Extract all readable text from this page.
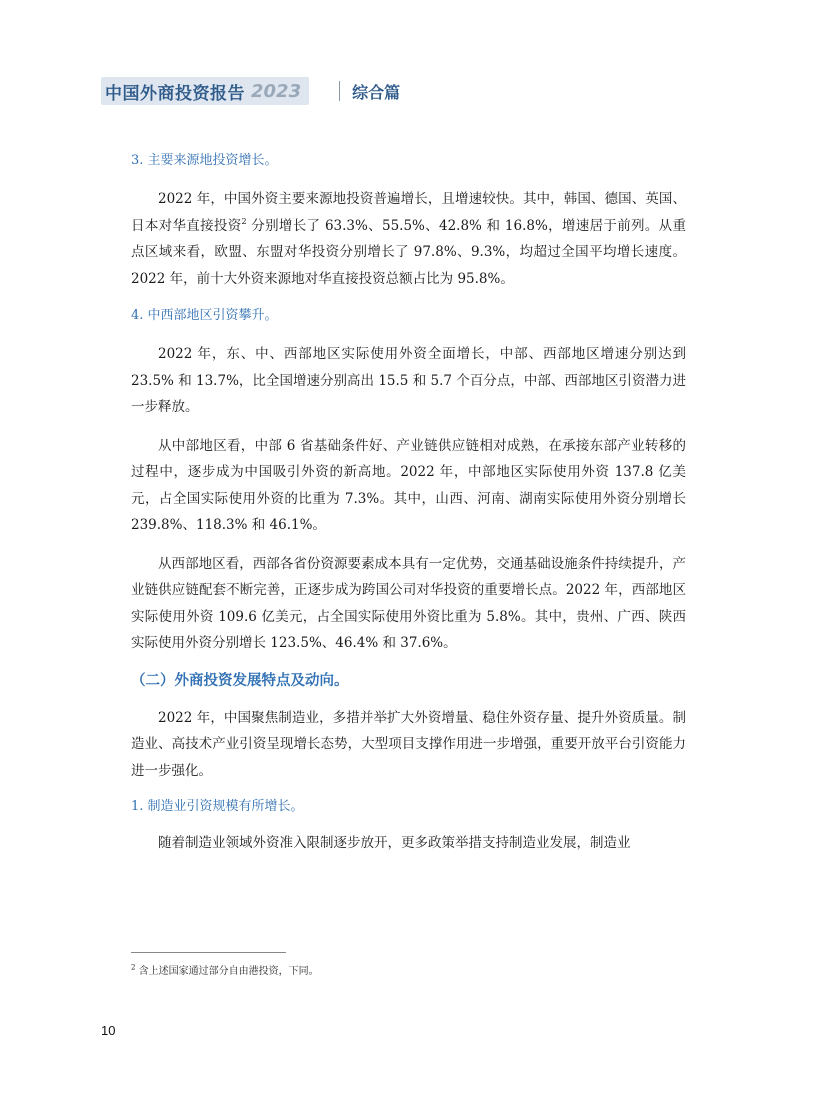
中国外商投资报告 2023	综合篇
3. 主要来源地投资增长。

2022 年，中国外资主要来源地投资普遍增长，且增速较快。其中，韩国、德国、英国、日本对华直接投资$^2$ 分别增长了 63.3%、55.5%、42.8% 和 16.8%，增速居于前列。从重点区域来看，欧盟、东盟对华投资分别增长了 97.8%、9.3%，均超过全国平均增长速度。2022 年，前十大外资来源地对华直接投资总额占比为 95.8%。

4. 中西部地区引资攀升。

2022 年，东、中、西部地区实际使用外资全面增长，中部、西部地区增速分别达到 23.5% 和 13.7%，比全国增速分别高出 15.5 和 5.7 个百分点，中部、西部地区引资潜力进一步释放。

从中部地区看，中部 6 省基础条件好、产业链供应链相对成熟，在承接东部产业转移的过程中，逐步成为中国吸引外资的新高地。2022 年，中部地区实际使用外资 137.8 亿美元，占全国实际使用外资的比重为 7.3%。其中，山西、河南、湖南实际使用外资分别增长 239.8%、118.3% 和 46.1%。

从西部地区看，西部各省份资源要素成本具有一定优势，交通基础设施条件持续提升，产业链供应链配套不断完善，正逐步成为跨国公司对华投资的重要增长点。2022 年，西部地区实际使用外资 109.6 亿美元，占全国实际使用外资比重为 5.8%。其中，贵州、广西、陕西实际使用外资分别增长 123.5%、46.4% 和 37.6%。

（二）外商投资发展特点及动向。

2022 年，中国聚焦制造业，多措并举扩大外资增量、稳住外资存量、提升外资质量。制造业、高技术产业引资呈现增长态势，大型项目支撑作用进一步增强，重要开放平台引资能力进一步强化。

1. 制造业引资规模有所增长。

随着制造业领域外资准入限制逐步放开，更多政策举措支持制造业发展，制造业

$^2$ 含上述国家通过部分自由港投资，下同。
10
